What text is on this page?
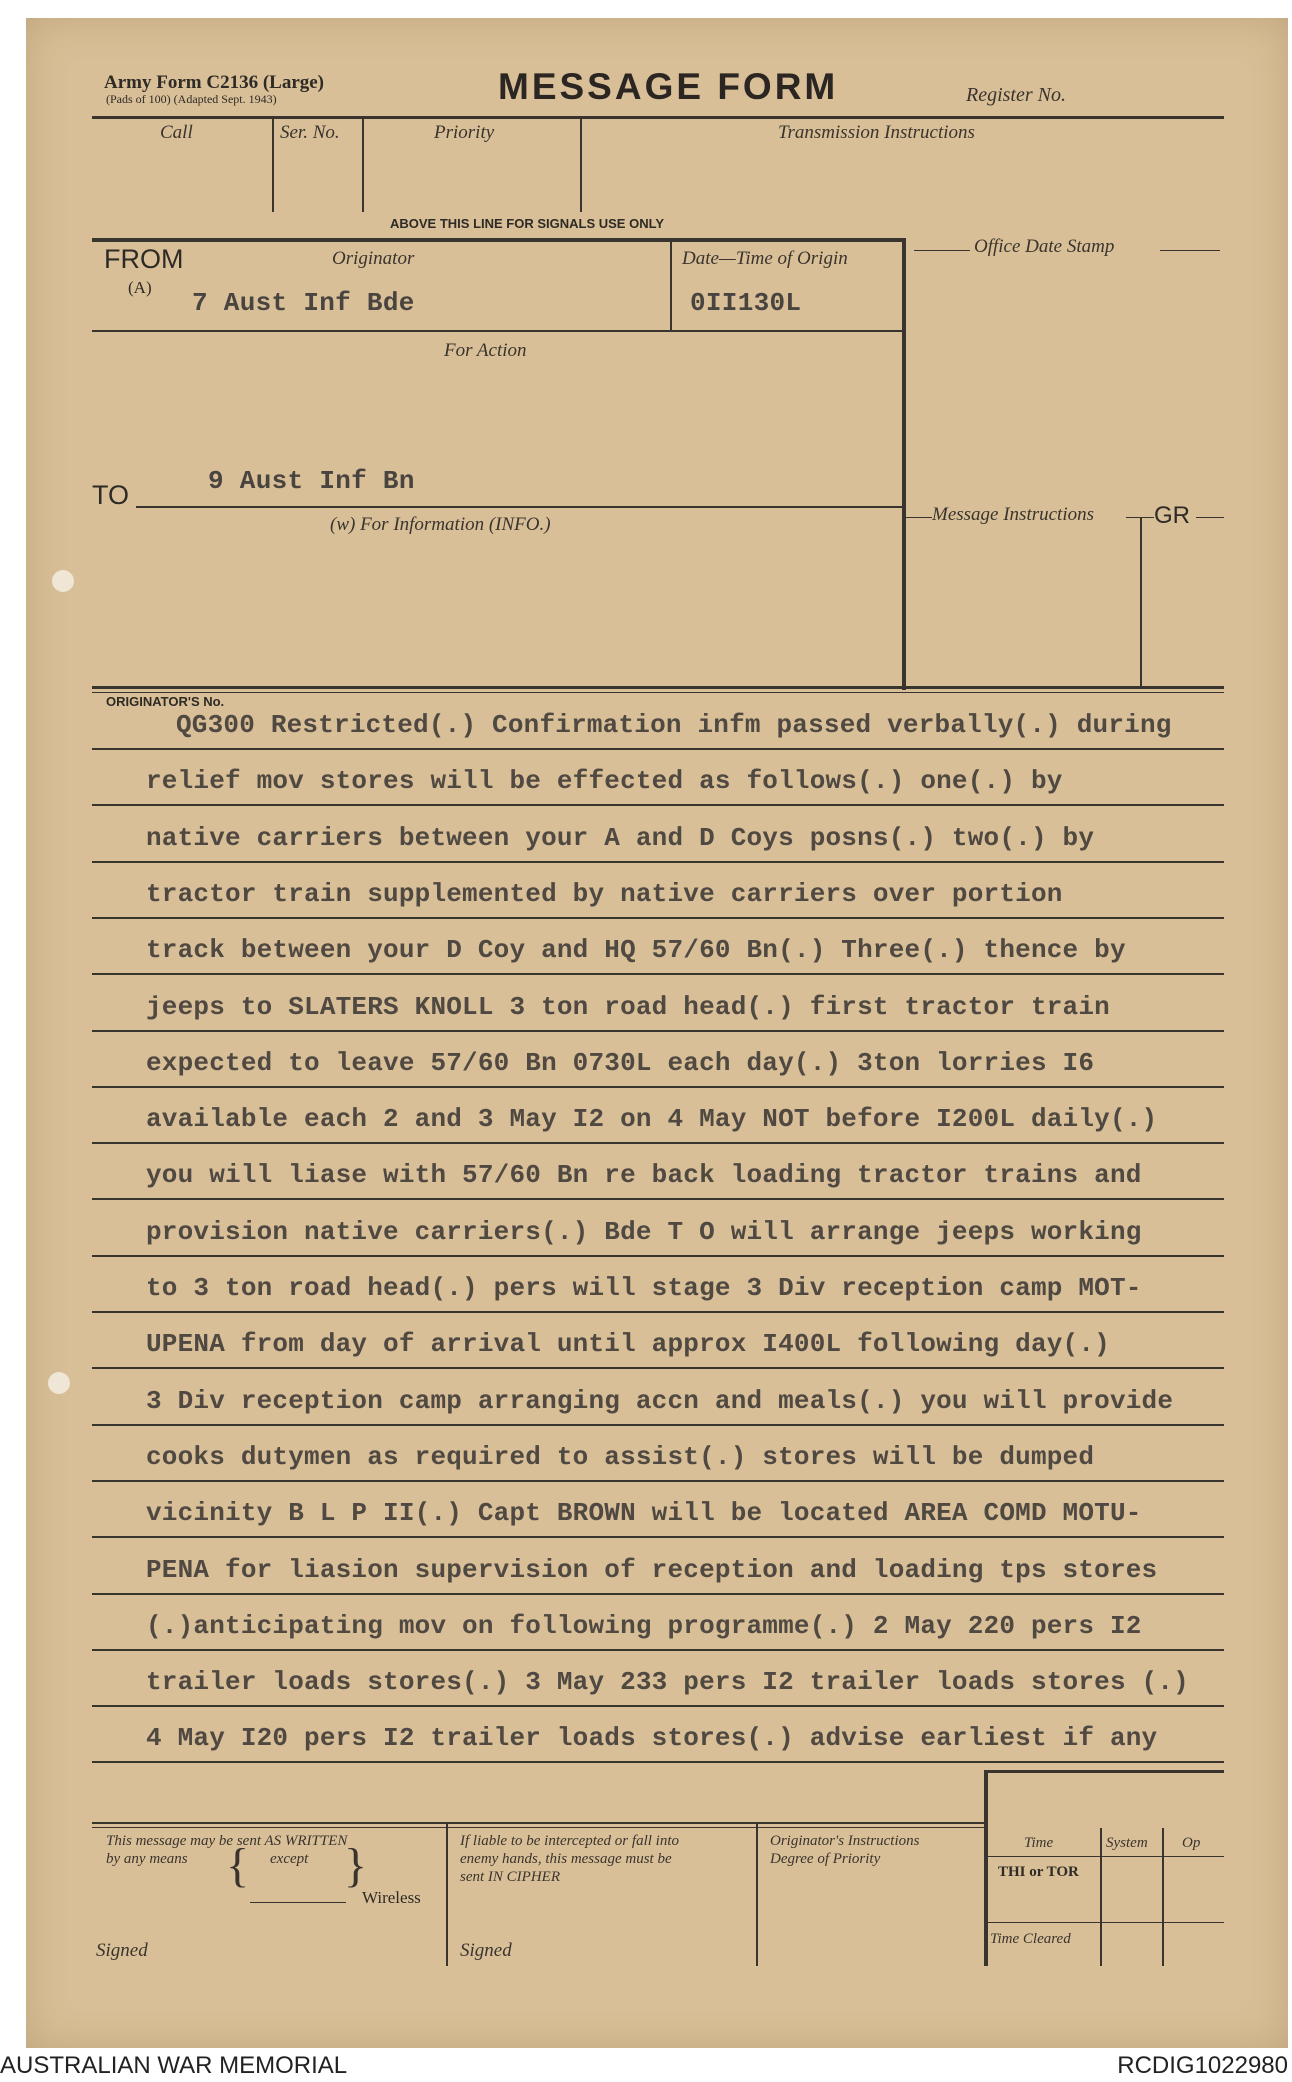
Army Form C2136 (Large)
(Pads of 100) (Adapted Sept. 1943)	MESSAGE FORM	Register No.
Call	Ser. No.	Priority	Transmission Instructions
ABOVE THIS LINE FOR SIGNALS USE ONLY
FROM
(A)
Originator
7 Aust Inf Bde
Date—Time of Origin
0II130L
Office Date Stamp
For Action
TO	9 Aust Inf Bn
(w) For Information (INFO.)	Message Instructions GR
ORIGINATOR'S No.
QG300 Restricted(.) Confirmation infm passed verbally(.) during
relief mov stores will be effected as follows(.) one(.) by
native carriers between your A and D Coys posns(.) two(.) by
tractor train supplemented by native carriers over portion
track between your D Coy and HQ 57/60 Bn(.) Three(.) thence by
jeeps to SLATERS KNOLL 3 ton road head(.) first tractor train
expected to leave 57/60 Bn 0730L each day(.) 3ton lorries I6
available each 2 and 3 May I2 on 4 May NOT before I200L daily(.)
you will liase with 57/60 Bn re back loading tractor trains and
provision native carriers(.) Bde T O will arrange jeeps working
to 3 ton road head(.) pers will stage 3 Div reception camp MOT-
UPENA from day of arrival until approx I400L following day(.)
3 Div reception camp arranging accn and meals(.) you will provide
cooks dutymen as required to assist(.) stores will be dumped
vicinity B L P II(.) Capt BROWN will be located AREA COMD MOTU-
PENA for liasion supervision of reception and loading tps stores
(.)anticipating mov on following programme(.) 2 May 220 pers I2
trailer loads stores(.) 3 May 233 pers I2 trailer loads stores (.)
4 May I20 pers I2 trailer loads stores(.) advise earliest if any
This message may be sent AS WRITTEN
by any means { except }
Wireless
Signed
If liable to be intercepted or fall into
enemy hands, this message must be
sent IN CIPHER
Signed
Originator's Instructions
Degree of Priority
Time	System Op
THI or TOR
Time Cleared
AUSTRALIAN WAR MEMORIAL	RCDIG1022980
